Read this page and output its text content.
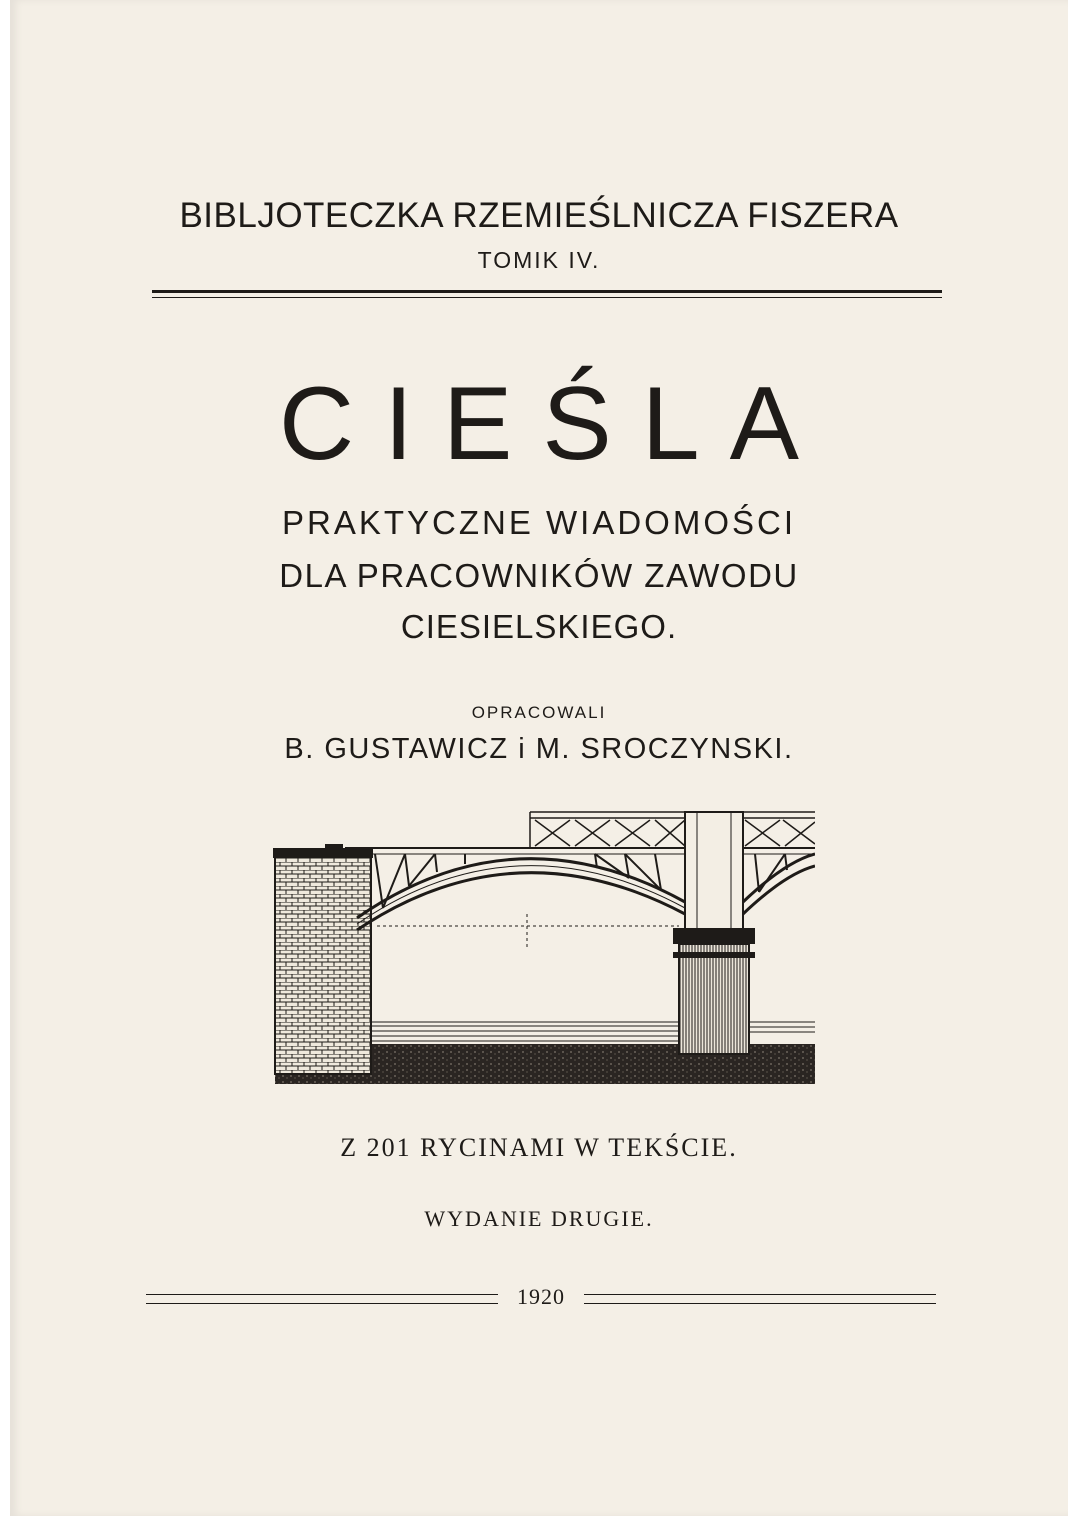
BIBLJOTECZKA RZEMIEŚLNICZA FISZERA

TOMIK IV.

CIEŚLA

PRAKTYCZNE WIADOMOŚCI

DLA PRACOWNIKÓW ZAWODU

CIESIELSKIEGO.

OPRACOWALI

B. GUSTAWICZ i M. SROCZYNSKI.

Z 201 RYCINAMI W TEKŚCIE.

WYDANIE DRUGIE.

1920
